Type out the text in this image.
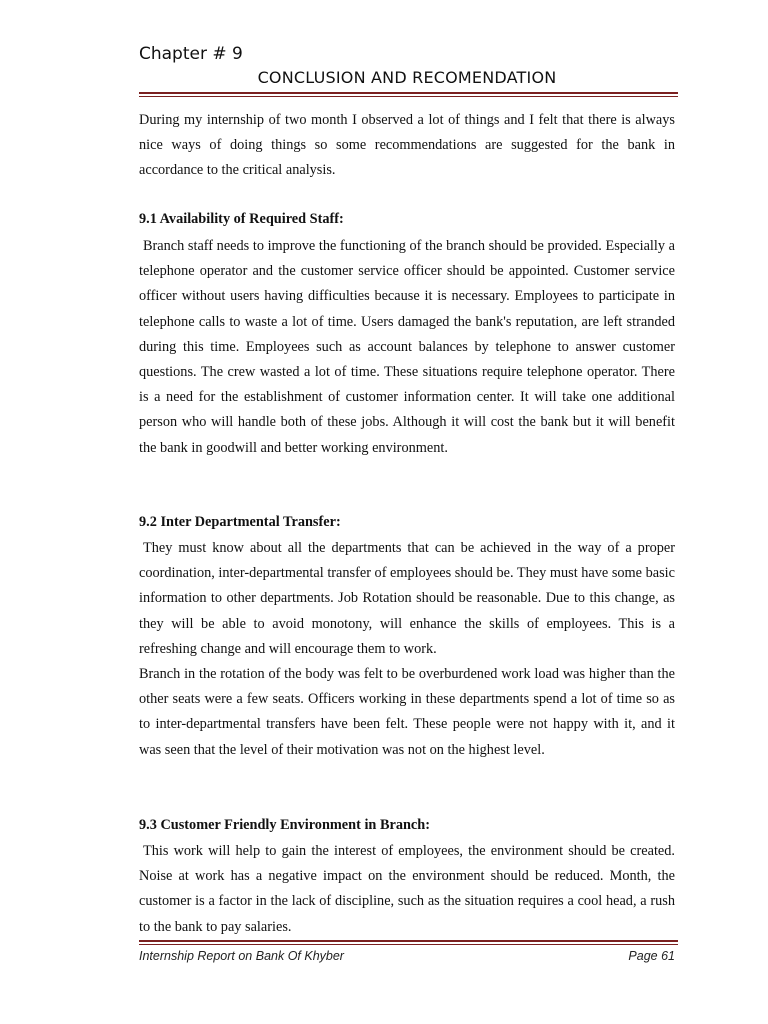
Chapter # 9
CONCLUSION AND RECOMENDATION

During my internship of two month I observed a lot of things and I felt that there is always nice ways of doing things so some recommendations are suggested for the bank in accordance to the critical analysis.

9.1 Availability of Required Staff:

Branch staff needs to improve the functioning of the branch should be provided. Especially a telephone operator and the customer service officer should be appointed. Customer service officer without users having difficulties because it is necessary. Employees to participate in telephone calls to waste a lot of time. Users damaged the bank's reputation, are left stranded during this time. Employees such as account balances by telephone to answer customer questions. The crew wasted a lot of time. These situations require telephone operator. There is a need for the establishment of customer information center. It will take one additional person who will handle both of these jobs. Although it will cost the bank but it will benefit the bank in goodwill and better working environment.

9.2 Inter Departmental Transfer:

They must know about all the departments that can be achieved in the way of a proper coordination, inter-departmental transfer of employees should be. They must have some basic information to other departments. Job Rotation should be reasonable. Due to this change, as they will be able to avoid monotony, will enhance the skills of employees. This is a refreshing change and will encourage them to work.

Branch in the rotation of the body was felt to be overburdened work load was higher than the other seats were a few seats. Officers working in these departments spend a lot of time so as to inter-departmental transfers have been felt. These people were not happy with it, and it was seen that the level of their motivation was not on the highest level.

9.3 Customer Friendly Environment in Branch:

This work will help to gain the interest of employees, the environment should be created. Noise at work has a negative impact on the environment should be reduced. Month, the customer is a factor in the lack of discipline, such as the situation requires a cool head, a rush to the bank to pay salaries.

Internship Report on Bank Of Khyber	Page 61
